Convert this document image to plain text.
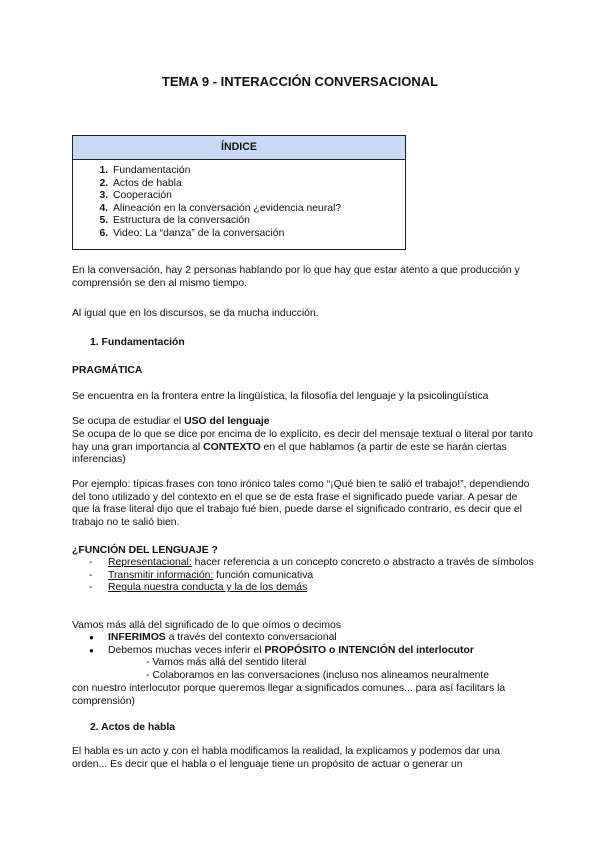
TEMA 9 - INTERACCIÓN CONVERSACIONAL
ÍNDICE
1. Fundamentación
2. Actos de habla
3. Cooperación
4. Alineación en la conversación ¿evidencia neural?
5. Estructura de la conversación
6. Video: La “danza” de la conversación
En la conversación, hay 2 personas hablando por lo que hay que estar atento a que producción y comprensión se den al mismo tiempo.
Al igual que en los discursos, se da mucha inducción.
1. Fundamentación
PRAGMÁTICA
Se encuentra en la frontera entre la lingüística, la filosofía del lenguaje y la psicolingüística
Se ocupa de estudiar el USO del lenguaje
Se ocupa de lo que se dice por encima de lo explícito, es decir del mensaje textual o literal por tanto hay una gran importancia al CONTEXTO en el que hablamos (a partir de este se harán ciertas inferencias)
Por ejemplo: típicas frases con tono irónico tales como “¡Qué bien te salió el trabajo!”, dependiendo del tono utilizado y del contexto en el que se de esta frase el significado puede variar. A pesar de que la frase literal dijo que el trabajo fué bien, puede darse el significado contrario, es decir que el trabajo no te salió bien.
¿FUNCIÓN DEL LENGUAJE ?
- Representacional: hacer referencia a un concepto concreto o abstracto a través de símbolos
- Transmitir información: función comunicativa
- Regula nuestra conducta y la de los demás
Vamos más allá del significado de lo que oímos o decimos
● INFERIMOS a través del contexto conversacional
● Debemos muchas veces inferir el PROPÓSITO o INTENCIÓN del interlocutor
- Vamos más allá del sentido literal
- Colaboramos en las conversaciones (incluso nos alineamos neuralmente
con nuestro interlocutor porque queremos llegar a significados comunes... para así facilitars la comprensión)
2. Actos de habla
El habla es un acto y con el habla modificamos la realidad, la explicamos y podemos dar una orden... Es decir que el habla o el lenguaje tiene un propósito de actuar o generar un
